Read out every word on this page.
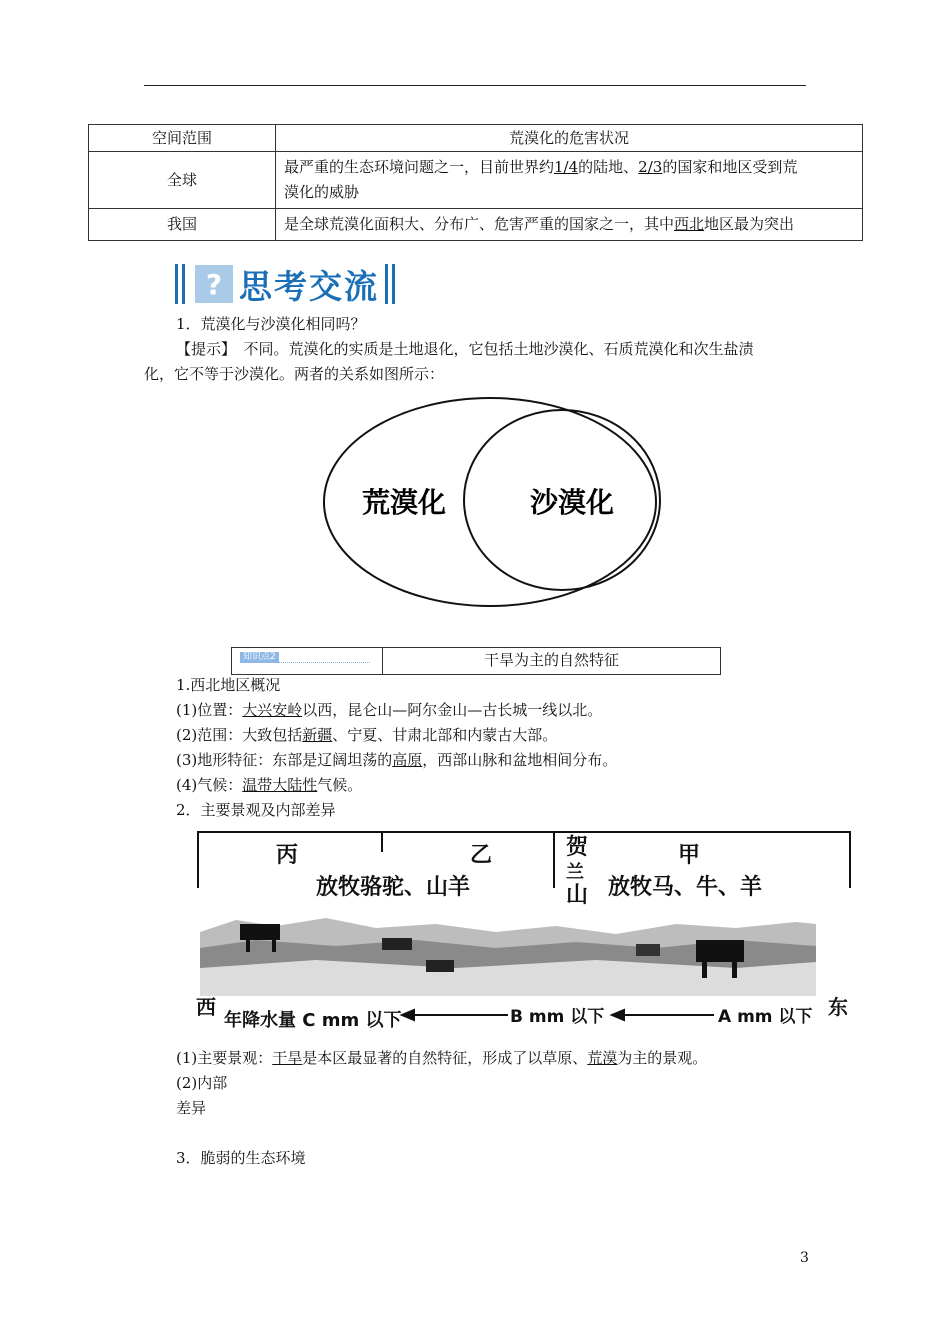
空间范围	荒漠化的危害状况
全球	最严重的生态环境问题之一，目前世界约1/4的陆地、2/3的国家和地区受到荒
漠化的威胁
我国	是全球荒漠化面积大、分布广、危害严重的国家之一，其中西北地区最为突出
? 思考交流
1．荒漠化与沙漠化相同吗？
【提示】　不同。荒漠化的实质是土地退化，它包括土地沙漠化、石质荒漠化和次生盐渍
化，它不等于沙漠化。两者的关系如图所示：
荒漠化	沙漠化
知识点2	干旱为主的自然特征
1.西北地区概况
(1)位置：大兴安岭以西，昆仑山—阿尔金山—古长城一线以北。
(2)范围：大致包括新疆、宁夏、甘肃北部和内蒙古大部。
(3)地形特征：东部是辽阔坦荡的高原，西部山脉和盆地相间分布。
(4)气候：温带大陆性气候。
2．主要景观及内部差异
丙	乙	贺
兰
山
甲
放牧骆驼、山羊	放牧马、牛、羊
西
年降水量 C mm 以下	B mm 以下	A mm 以下 东
(1)主要景观：干旱是本区最显著的自然特征，形成了以草原、荒漠为主的景观。
(2)内部
差异
3．脆弱的生态环境
3
